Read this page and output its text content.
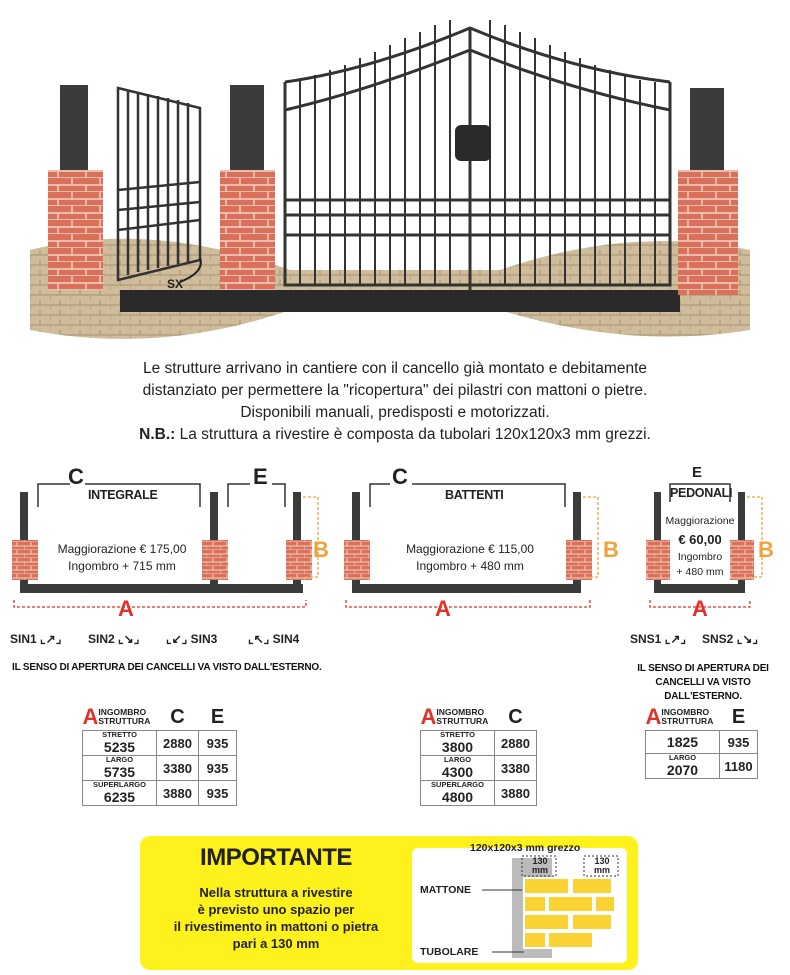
SX
Le strutture arrivano in cantiere con il cancello già montato e debitamente
distanziato per permettere la "ricopertura" dei pilastri con mattoni o pietre.
Disponibili manuali, predisposti e motorizzati.
N.B.: La struttura a rivestire è composta da tubolari 120x120x3 mm grezzi.
C	E
INTEGRALE
Maggiorazione € 175,00
Ingombro + 715 mm
B
A
C
BATTENTI
Maggiorazione € 115,00
Ingombro + 480 mm
B
A
E
PEDONALI
Maggiorazione
€ 60,00
Ingombro
+ 480 mm
B
A
SIN1 ⌞↗⌟ SIN2 ⌞↘⌟ ⌞↙⌟ SIN3	⌞↖⌟ SIN4
IL SENSO DI APERTURA DEI CANCELLI VA VISTO DALL'ESTERNO.
SNS1 ⌞↗⌟ SNS2 ⌞↘⌟
IL SENSO DI APERTURA DEI
CANCELLI VA VISTO DALL'ESTERNO.
AINGOMBRO
STRUTTURA	C	E

STRETTO
5235	2880	935

LARGO
5735	3380	935

SUPERLARGO
6235	3880	935
AINGOMBRO
STRUTTURA	C

STRETTO
3800	2880

LARGO
4300	3380

SUPERLARGO
4800	3880
AINGOMBRO
STRUTTURA	E
1825	935

LARGO
2070	1180
IMPORTANTE
Nella struttura a rivestire
è previsto uno spazio per
il rivestimento in mattoni o pietra
pari a 130 mm
120x120x3 mm grezzo
MATTONE
TUBOLARE
130
mm
130
mm
